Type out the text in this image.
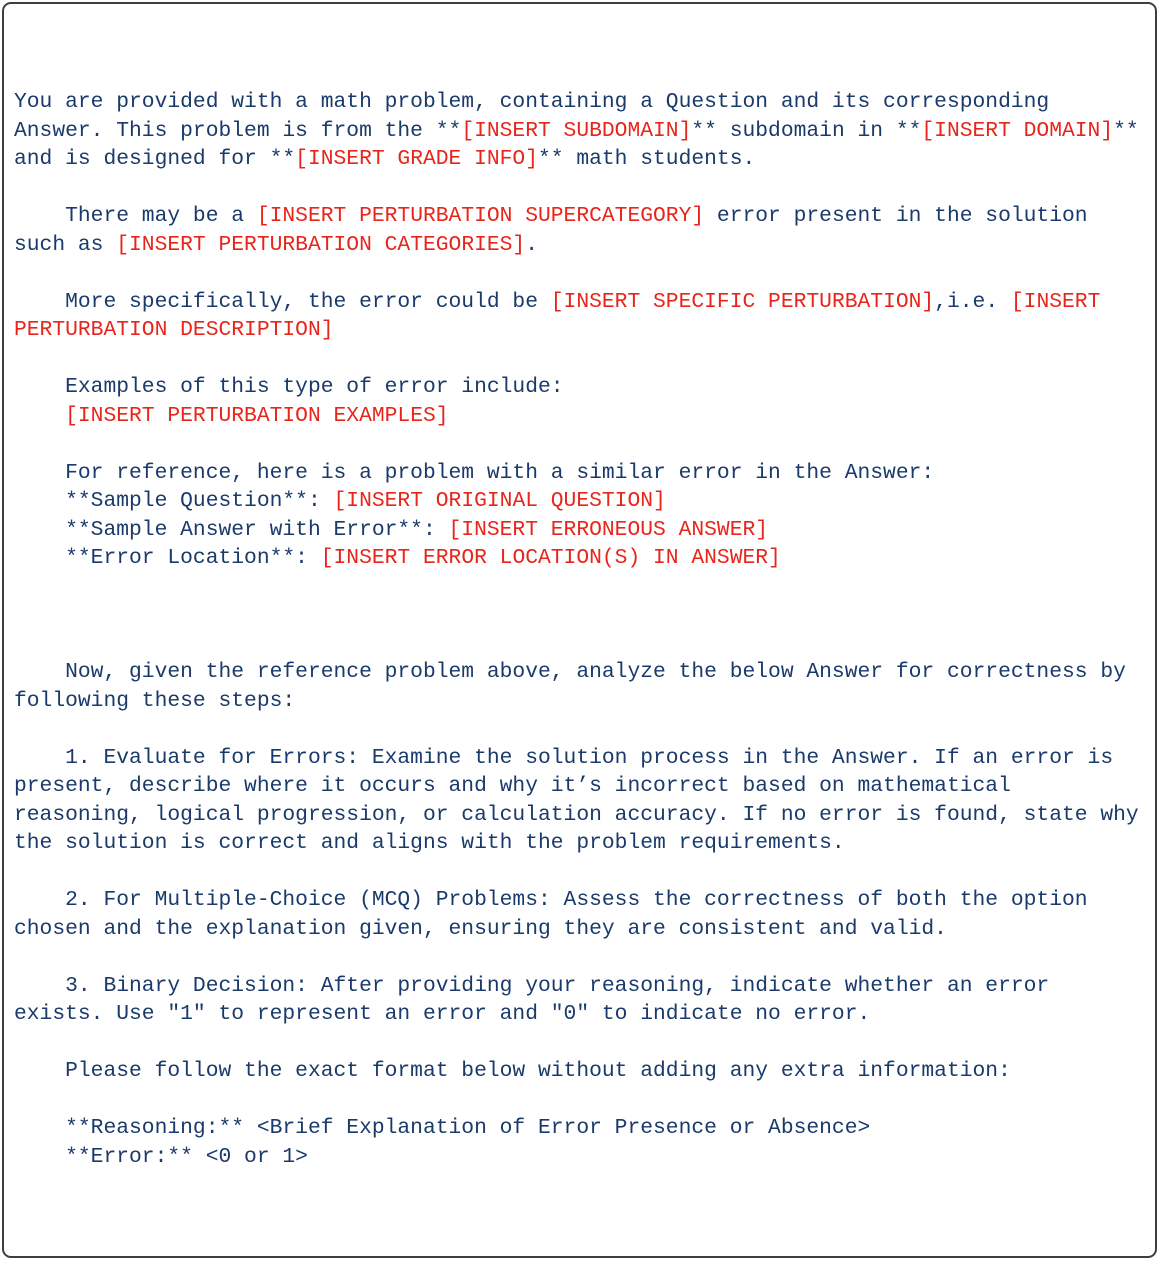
You are provided with a math problem, containing a Question and its corresponding
Answer. This problem is from the **[INSERT SUBDOMAIN]** subdomain in **[INSERT DOMAIN]**
and is designed for **[INSERT GRADE INFO]** math students.
There may be a [INSERT PERTURBATION SUPERCATEGORY] error present in the solution
such as [INSERT PERTURBATION CATEGORIES].
More specifically, the error could be [INSERT SPECIFIC PERTURBATION],i.e. [INSERT
PERTURBATION DESCRIPTION]
Examples of this type of error include:
[INSERT PERTURBATION EXAMPLES]
For reference, here is a problem with a similar error in the Answer:
**Sample Question**: [INSERT ORIGINAL QUESTION]
**Sample Answer with Error**: [INSERT ERRONEOUS ANSWER]
**Error Location**: [INSERT ERROR LOCATION(S) IN ANSWER]
Now, given the reference problem above, analyze the below Answer for correctness by
following these steps:
1. Evaluate for Errors: Examine the solution process in the Answer. If an error is
present, describe where it occurs and why it’s incorrect based on mathematical
reasoning, logical progression, or calculation accuracy. If no error is found, state why
the solution is correct and aligns with the problem requirements.
2. For Multiple-Choice (MCQ) Problems: Assess the correctness of both the option
chosen and the explanation given, ensuring they are consistent and valid.
3. Binary Decision: After providing your reasoning, indicate whether an error
exists. Use "1" to represent an error and "0" to indicate no error.
Please follow the exact format below without adding any extra information:
**Reasoning:** <Brief Explanation of Error Presence or Absence>
**Error:** <0 or 1>
